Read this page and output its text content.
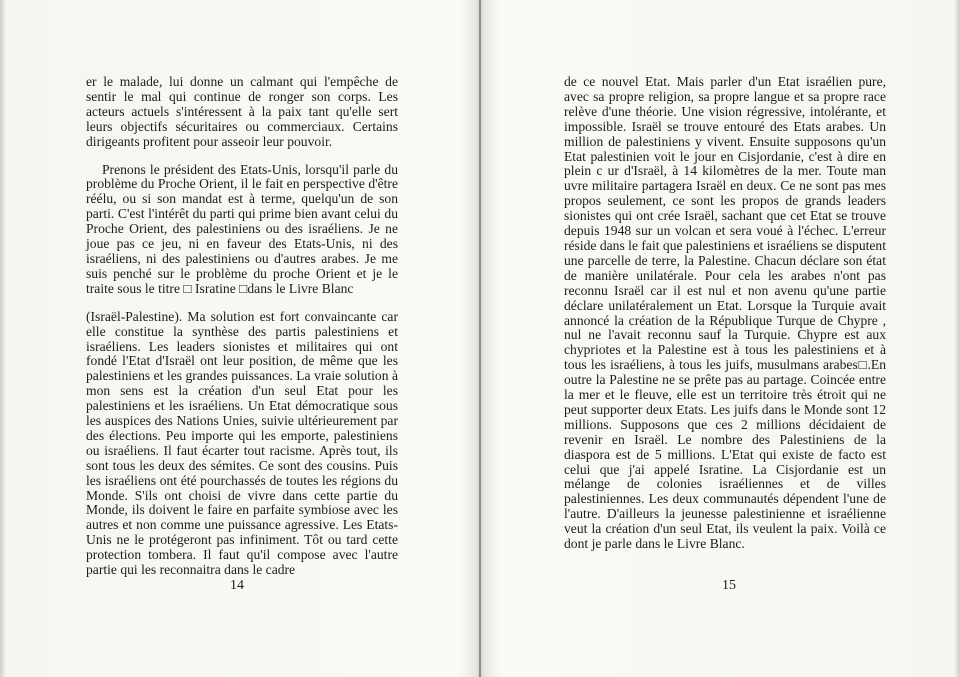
er le malade, lui donne un calmant qui l'empêche de sentir le mal qui continue de ronger son corps. Les acteurs actuels s'intéressent à la paix tant qu'elle sert leurs objectifs sécuritaires ou commerciaux. Certains dirigeants profitent pour asseoir leur pouvoir.

Prenons le président des Etats-Unis, lorsqu'il parle du problème du Proche Orient, il le fait en perspective d'être réélu, ou si son mandat est à terme, quelqu'un de son parti. C'est l'intérêt du parti qui prime bien avant celui du Proche Orient, des palestiniens ou des israéliens. Je ne joue pas ce jeu, ni en faveur des Etats-Unis, ni des israéliens, ni des palestiniens ou d'autres arabes. Je me suis penché sur le problème du proche Orient et je le traite sous le titre □ Isratine □dans le Livre Blanc

(Israël-Palestine). Ma solution est fort convaincante car elle constitue la synthèse des partis palestiniens et israéliens. Les leaders sionistes et militaires qui ont fondé l'Etat d'Israël ont leur position, de même que les palestiniens et les grandes puissances. La vraie solution à mon sens est la création d'un seul Etat pour les palestiniens et les israéliens. Un Etat démocratique sous les auspices des Nations Unies, suivie ultérieurement par des élections. Peu importe qui les emporte, palestiniens ou israéliens. Il faut écarter tout racisme. Après tout, ils sont tous les deux des sémites. Ce sont des cousins. Puis les israéliens ont été pourchassés de toutes les régions du Monde. S'ils ont choisi de vivre dans cette partie du Monde, ils doivent le faire en parfaite symbiose avec les autres et non comme une puissance agressive. Les Etats-Unis ne le protégeront pas infiniment. Tôt ou tard cette protection tombera. Il faut qu'il compose avec l'autre partie qui les reconnaitra dans le cadre

14

de ce nouvel Etat. Mais parler d'un Etat israélien pure, avec sa propre religion, sa propre langue et sa propre race relève d'une théorie. Une vision régressive, intolérante, et impossible. Israël se trouve entouré des Etats arabes. Un million de palestiniens y vivent. Ensuite supposons qu'un Etat palestinien voit le jour en Cisjordanie, c'est à dire en plein c ur d'Israël, à 14 kilomètres de la mer. Toute man uvre militaire partagera Israël en deux. Ce ne sont pas mes propos seulement, ce sont les propos de grands leaders sionistes qui ont crée Israël, sachant que cet Etat se trouve depuis 1948 sur un volcan et sera voué à l'échec. L'erreur réside dans le fait que palestiniens et israéliens se disputent une parcelle de terre, la Palestine. Chacun déclare son état de manière unilatérale. Pour cela les arabes n'ont pas reconnu Israël car il est nul et non avenu qu'une partie déclare unilatéralement un Etat. Lorsque la Turquie avait annoncé la création de la République Turque de Chypre , nul ne l'avait reconnu sauf la Turquie. Chypre est aux chypriotes et la Palestine est à tous les palestiniens et à tous les israéliens, à tous les juifs, musulmans arabes□.En outre la Palestine ne se prête pas au partage. Coincée entre la mer et le fleuve, elle est un territoire très étroit qui ne peut supporter deux Etats. Les juifs dans le Monde sont 12 millions. Supposons que ces 2 millions décidaient de revenir en Israël. Le nombre des Palestiniens de la diaspora est de 5 millions. L'Etat qui existe de facto est celui que j'ai appelé Isratine. La Cisjordanie est un mélange de colonies israéliennes et de villes palestiniennes. Les deux communautés dépendent l'une de l'autre. D'ailleurs la jeunesse palestinienne et israélienne veut la création d'un seul Etat, ils veulent la paix. Voilà ce dont je parle dans le Livre Blanc.

15
